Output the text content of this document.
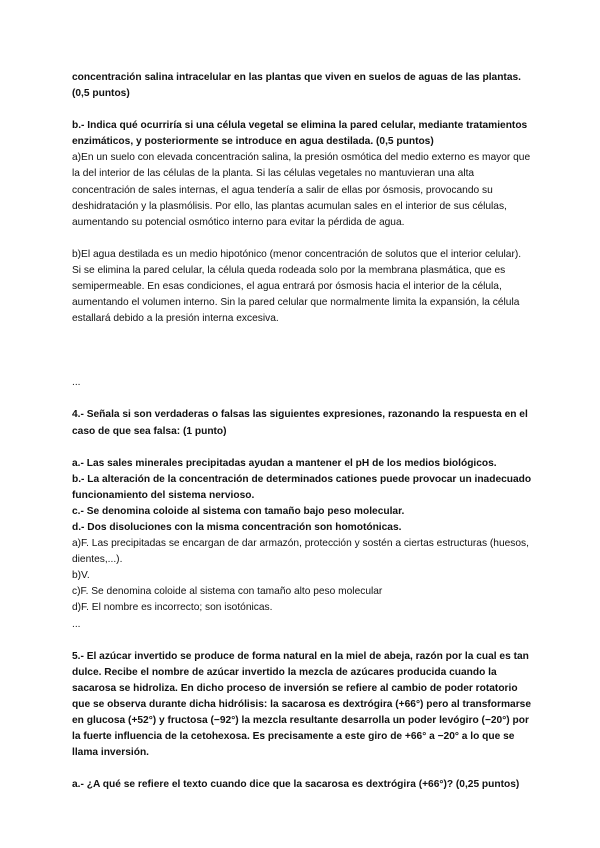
concentración salina intracelular en las plantas que viven en suelos de aguas de las plantas. (0,5 puntos)

b.- Indica qué ocurriría si una célula vegetal se elimina la pared celular, mediante tratamientos enzimáticos, y posteriormente se introduce en agua destilada. (0,5 puntos)

a)En un suelo con elevada concentración salina, la presión osmótica del medio externo es mayor que la del interior de las células de la planta. Si las células vegetales no mantuvieran una alta concentración de sales internas, el agua tendería a salir de ellas por ósmosis, provocando su deshidratación y la plasmólisis. Por ello, las plantas acumulan sales en el interior de sus células, aumentando su potencial osmótico interno para evitar la pérdida de agua.

b)El agua destilada es un medio hipotónico (menor concentración de solutos que el interior celular). Si se elimina la pared celular, la célula queda rodeada solo por la membrana plasmática, que es semipermeable. En esas condiciones, el agua entrará por ósmosis hacia el interior de la célula, aumentando el volumen interno. Sin la pared celular que normalmente limita la expansión, la célula estallará debido a la presión interna excesiva.

...

4.- Señala si son verdaderas o falsas las siguientes expresiones, razonando la respuesta en el caso de que sea falsa: (1 punto)

a.- Las sales minerales precipitadas ayudan a mantener el pH de los medios biológicos.

b.- La alteración de la concentración de determinados cationes puede provocar un inadecuado funcionamiento del sistema nervioso.

c.- Se denomina coloide al sistema con tamaño bajo peso molecular.

d.- Dos disoluciones con la misma concentración son homotónicas.

a)F. Las precipitadas se encargan de dar armazón, protección y sostén a ciertas estructuras (huesos, dientes,...).

b)V.

c)F. Se denomina coloide al sistema con tamaño alto peso molecular

d)F. El nombre es incorrecto; son isotónicas.

...

5.- El azúcar invertido se produce de forma natural en la miel de abeja, razón por la cual es tan dulce. Recibe el nombre de azúcar invertido la mezcla de azúcares producida cuando la sacarosa se hidroliza. En dicho proceso de inversión se refiere al cambio de poder rotatorio que se observa durante dicha hidrólisis: la sacarosa es dextrógira (+66°) pero al transformarse en glucosa (+52°) y fructosa (−92°) la mezcla resultante desarrolla un poder levógiro (−20°) por la fuerte influencia de la cetohexosa. Es precisamente a este giro de +66° a −20° a lo que se llama inversión.

a.- ¿A qué se refiere el texto cuando dice que la sacarosa es dextrógira (+66°)? (0,25 puntos)
